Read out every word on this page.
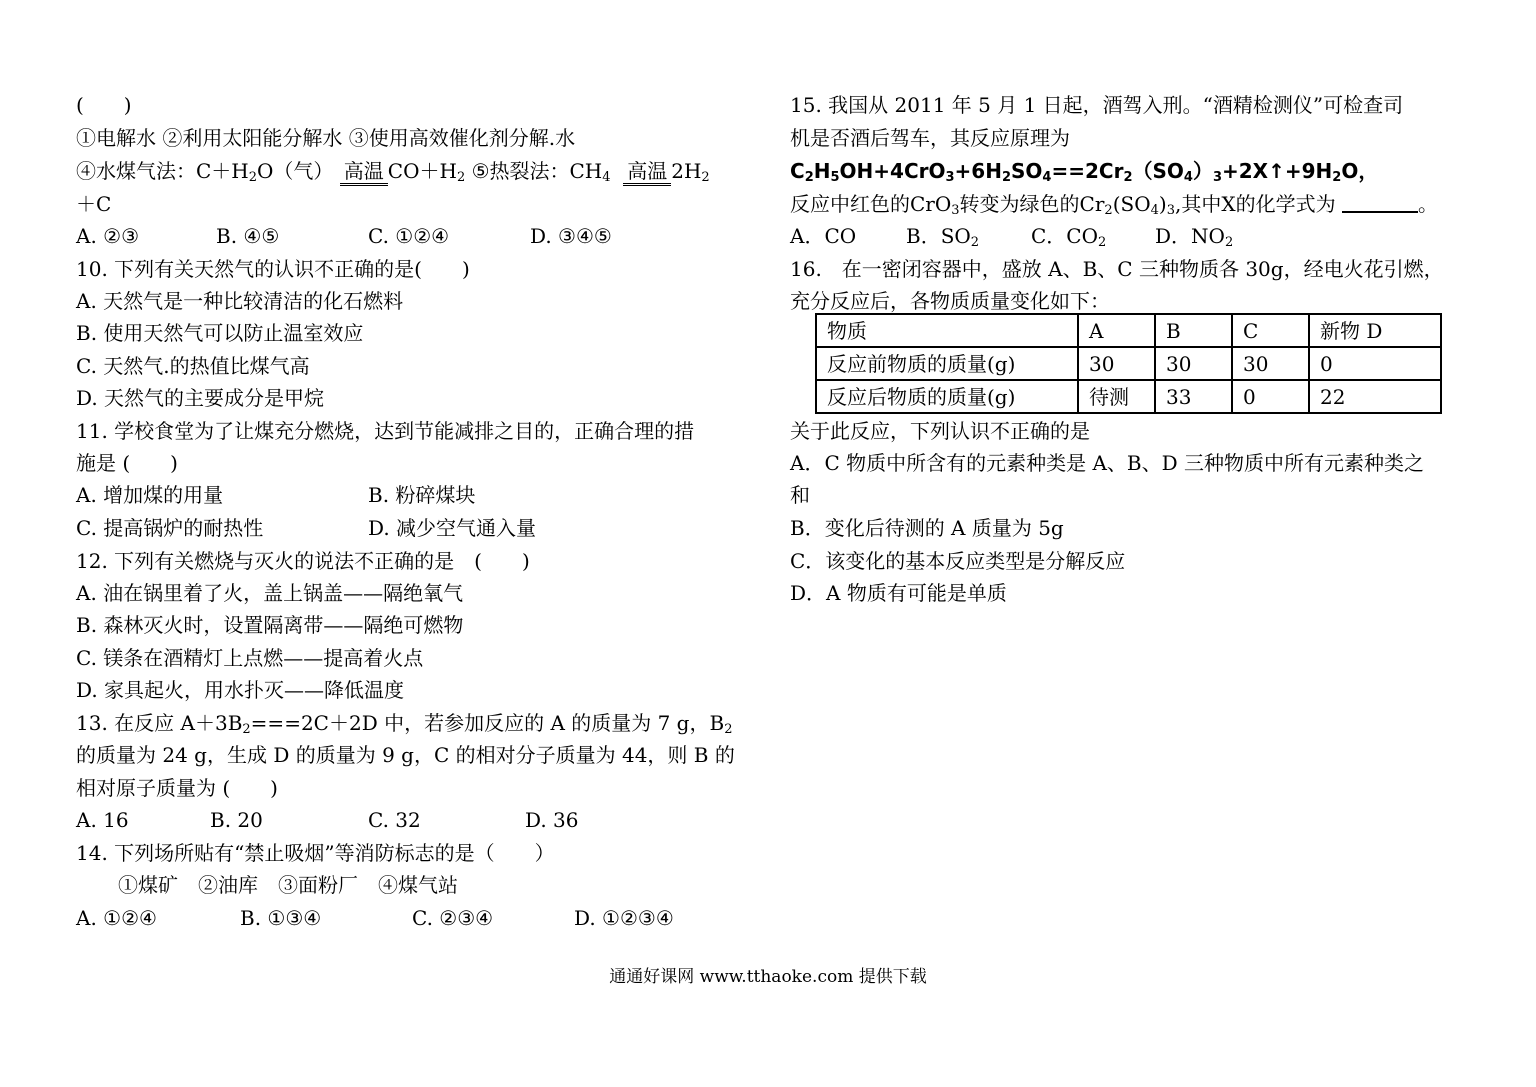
(　　)
①电解水 ②利用太阳能分解水 ③使用高效催化剂分解.水
④水煤气法：$C+H_2O$（气） 高温 $CO+H_2$ ⑤热裂法：$CH_4$ 高温 $2H_2$
＋C
A. ②③	B. ④⑤	C. ①②④	D. ③④⑤
10. 下列有关天然气的认识不正确的是(　　)
A. 天然气是一种比较清洁的化石燃料
B. 使用天然气可以防止温室效应
C. 天然气.的热值比煤气高
D. 天然气的主要成分是甲烷
11. 学校食堂为了让煤充分燃烧，达到节能减排之目的，正确合理的措
施是 (　　)
A. 增加煤的用量	B. 粉碎煤块
C. 提高锅炉的耐热性	D. 减少空气通入量
12. 下列有关燃烧与灭火的说法不正确的是　(　　)
A. 油在锅里着了火，盖上锅盖——隔绝氧气
B. 森林灭火时，设置隔离带——隔绝可燃物
C. 镁条在酒精灯上点燃——提高着火点
D. 家具起火，用水扑灭——降低温度
13. 在反应 $A+3B_2===2C+2D$ 中，若参加反应的 A 的质量为 7 g，$B_2$
的质量为 24 g，生成 D 的质量为 9 g，C 的相对分子质量为 44，则 B 的
相对原子质量为 (　　)
A. 16	B. 20	C. 32	D. 36
14. 下列场所贴有“禁止吸烟”等消防标志的是（　　）
①煤矿　②油库　③面粉厂　④煤气站
A. ①②④	B. ①③④	C. ②③④	D. ①②③④
15. 我国从 2011 年 5 月 1 日起，酒驾入刑。“酒精检测仪”可检查司
机是否酒后驾车，其反应原理为
$C_2H_5OH+4CrO_3+6H_2SO_4==2Cr_2(SO_4)_3+2X↑+9H_2O$，
反应中红色的CrO$_3$转变为绿色的$Cr_2(SO_4)_3$,其中X的化学式为	。
A．CO B．$SO_2$	C．$CO_2$ D．$NO_2$
16.　在一密闭容器中，盛放 A、B、C 三种物质各 30g，经电火花引燃，
充分反应后，各物质质量变化如下：
物质	A	B	C	新物 D
反应前物质的质量(g)	30	30	30	0
反应后物质的质量(g)	待测	33	0	22
关于此反应，下列认识不正确的是
A．C 物质中所含有的元素种类是 A、B、D 三种物质中所有元素种类之
和
B．变化后待测的 A 质量为 5g
C．该变化的基本反应类型是分解反应
D．A 物质有可能是单质
通通好课网 www.tthaoke.com 提供下载
